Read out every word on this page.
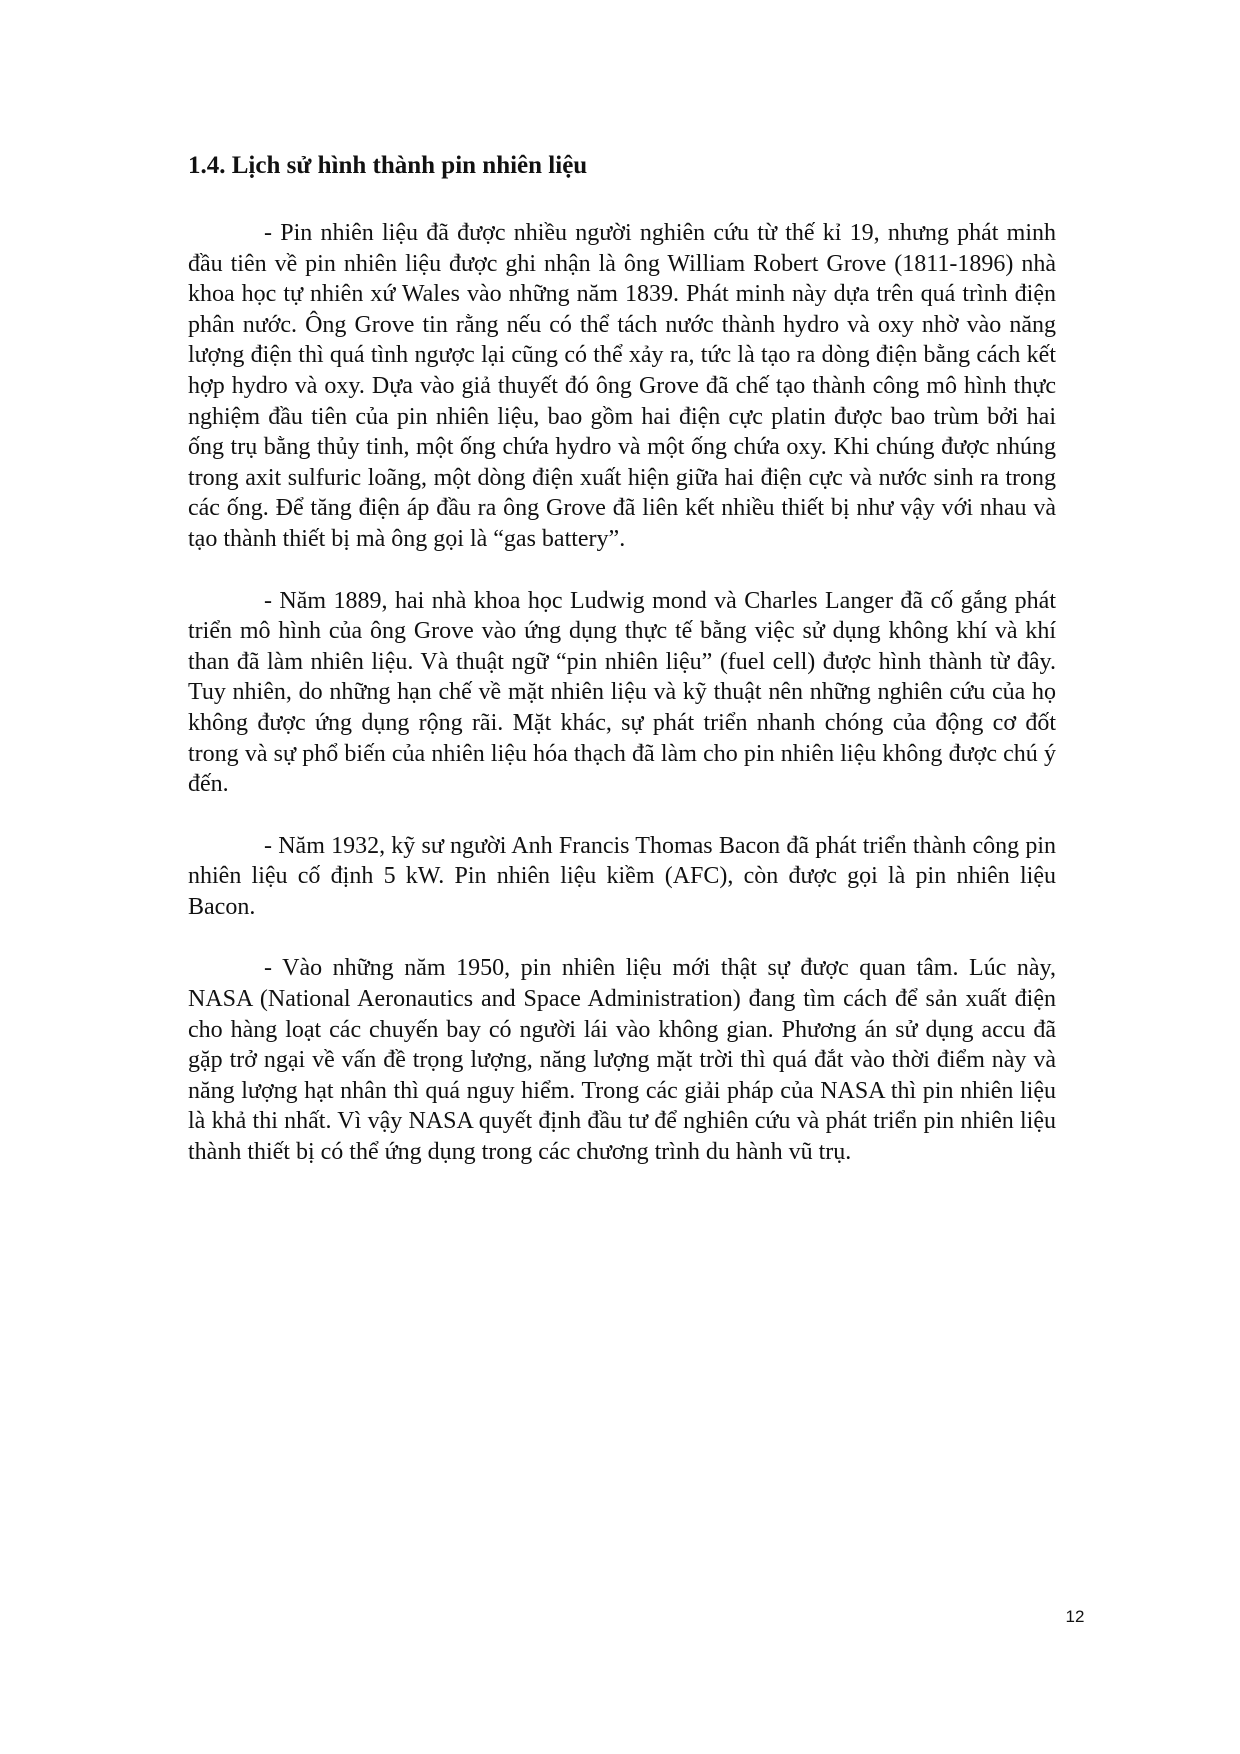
1.4. Lịch sử hình thành pin nhiên liệu

- Pin nhiên liệu đã được nhiều người nghiên cứu từ thế kỉ 19, nhưng phát minh đầu tiên về pin nhiên liệu được ghi nhận là ông William Robert Grove (1811-1896) nhà khoa học tự nhiên xứ Wales vào những năm 1839. Phát minh này dựa trên quá trình điện phân nước. Ông Grove tin rằng nếu có thể tách nước thành hydro và oxy nhờ vào năng lượng điện thì quá tình ngược lại cũng có thể xảy ra, tức là tạo ra dòng điện bằng cách kết hợp hydro và oxy. Dựa vào giả thuyết đó ông Grove đã chế tạo thành công mô hình thực nghiệm đầu tiên của pin nhiên liệu, bao gồm hai điện cực platin được bao trùm bởi hai ống trụ bằng thủy tinh, một ống chứa hydro và một ống chứa oxy. Khi chúng được nhúng trong axit sulfuric loãng, một dòng điện xuất hiện giữa hai điện cực và nước sinh ra trong các ống. Để tăng điện áp đầu ra ông Grove đã liên kết nhiều thiết bị như vậy với nhau và tạo thành thiết bị mà ông gọi là “gas battery”.

- Năm 1889, hai nhà khoa học Ludwig mond và Charles Langer đã cố gắng phát triển mô hình của ông Grove vào ứng dụng thực tế bằng việc sử dụng không khí và khí than đã làm nhiên liệu. Và thuật ngữ “pin nhiên liệu” (fuel cell) được hình thành từ đây. Tuy nhiên, do những hạn chế về mặt nhiên liệu và kỹ thuật nên những nghiên cứu của họ không được ứng dụng rộng rãi. Mặt khác, sự phát triển nhanh chóng của động cơ đốt trong và sự phổ biến của nhiên liệu hóa thạch đã làm cho pin nhiên liệu không được chú ý đến.

- Năm 1932, kỹ sư người Anh Francis Thomas Bacon đã phát triển thành công pin nhiên liệu cố định 5 kW. Pin nhiên liệu kiềm (AFC), còn được gọi là pin nhiên liệu Bacon.

- Vào những năm 1950, pin nhiên liệu mới thật sự được quan tâm. Lúc này, NASA (National Aeronautics and Space Administration) đang tìm cách để sản xuất điện cho hàng loạt các chuyến bay có người lái vào không gian. Phương án sử dụng accu đã gặp trở ngại về vấn đề trọng lượng, năng lượng mặt trời thì quá đắt vào thời điểm này và năng lượng hạt nhân thì quá nguy hiểm. Trong các giải pháp của NASA thì pin nhiên liệu là khả thi nhất. Vì vậy NASA quyết định đầu tư để nghiên cứu và phát triển pin nhiên liệu thành thiết bị có thể ứng dụng trong các chương trình du hành vũ trụ.

12
